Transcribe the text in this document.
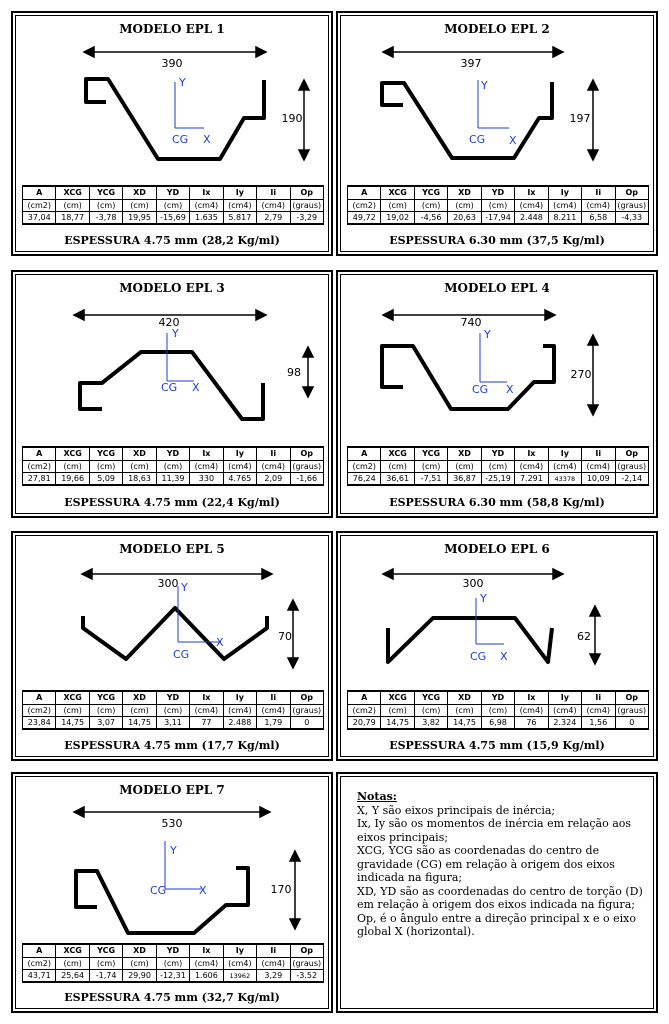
MODELO EPL 1
390
190
Y
X
CG
A	XCG	YCG	XD	YD	Ix	Iy	Ii	Op
(cm2)	(cm)	(cm)	(cm)	(cm)	(cm4)	(cm4)	(cm4)	(graus)
37,04	18,77	-3,78	19,95	-15,69	1.635	5.817	2,79	-3,29
ESPESSURA 4.75 mm (28,2 Kg/ml)
MODELO EPL 2
397
197
Y
X
CG
A	XCG	YCG	XD	YD	Ix	Iy	Ii	Op
(cm2)	(cm)	(cm)	(cm)	(cm)	(cm4)	(cm4)	(cm4)	(graus)
49,72	19,02	-4,56	20,63	-17,94	2.448	8.211	6,58	-4,33
ESPESSURA 6.30 mm (37,5 Kg/ml)
MODELO EPL 3
420
98
Y
X
CG
A	XCG	YCG	XD	YD	Ix	Iy	Ii	Op
(cm2)	(cm)	(cm)	(cm)	(cm)	(cm4)	(cm4)	(cm4)	(graus)
27,81	19,66	5,09	18,63	11,39	330	4.765	2,09	-1,66
ESPESSURA 4.75 mm (22,4 Kg/ml)
MODELO EPL 4
740
270
Y
X
CG
A	XCG	YCG	XD	YD	Ix	Iy	Ii	Op
(cm2)	(cm)	(cm)	(cm)	(cm)	(cm4)	(cm4)	(cm4)	(graus)
76,24	36,61	-7,51	36,87	-25,19	7.291	43378	10,09	-2,14
ESPESSURA 6.30 mm (58,8 Kg/ml)
MODELO EPL 5
300
70
Y
X
CG
A	XCG	YCG	XD	YD	Ix	Iy	Ii	Op
(cm2)	(cm)	(cm)	(cm)	(cm)	(cm4)	(cm4)	(cm4)	(graus)
23,84	14,75	3,07	14,75	3,11	77	2.488	1,79	0
ESPESSURA 4.75 mm (17,7 Kg/ml)
MODELO EPL 6
300
62
Y
X
CG
A	XCG	YCG	XD	YD	Ix	Iy	Ii	Op
(cm2)	(cm)	(cm)	(cm)	(cm)	(cm4)	(cm4)	(cm4)	(graus)
20,79	14,75	3,82	14,75	6,98	76	2.324	1,56	0
ESPESSURA 4.75 mm (15,9 Kg/ml)
MODELO EPL 7
530
170
Y
X
CG
A	XCG	YCG	XD	YD	Ix	Iy	Ii	Op
(cm2)	(cm)	(cm)	(cm)	(cm)	(cm4)	(cm4)	(cm4)	(graus)
43,71	25,64	-1,74	29,90	-12,31	1.606	13962	3,29	-3.52
ESPESSURA 4.75 mm (32,7 Kg/ml)

Notas:

X, Y são eixos principais de inércia;

Ix, Iy são os momentos de inércia em relação aos eixos principais;

XCG, YCG são as coordenadas do centro de gravidade (CG) em relação à origem dos eixos indicada na figura;

XD, YD são as coordenadas do centro de torção (D) em relação à origem dos eixos indicada na figura;

Op, é o ângulo entre a direção principal x e o eixo global X (horizontal).
